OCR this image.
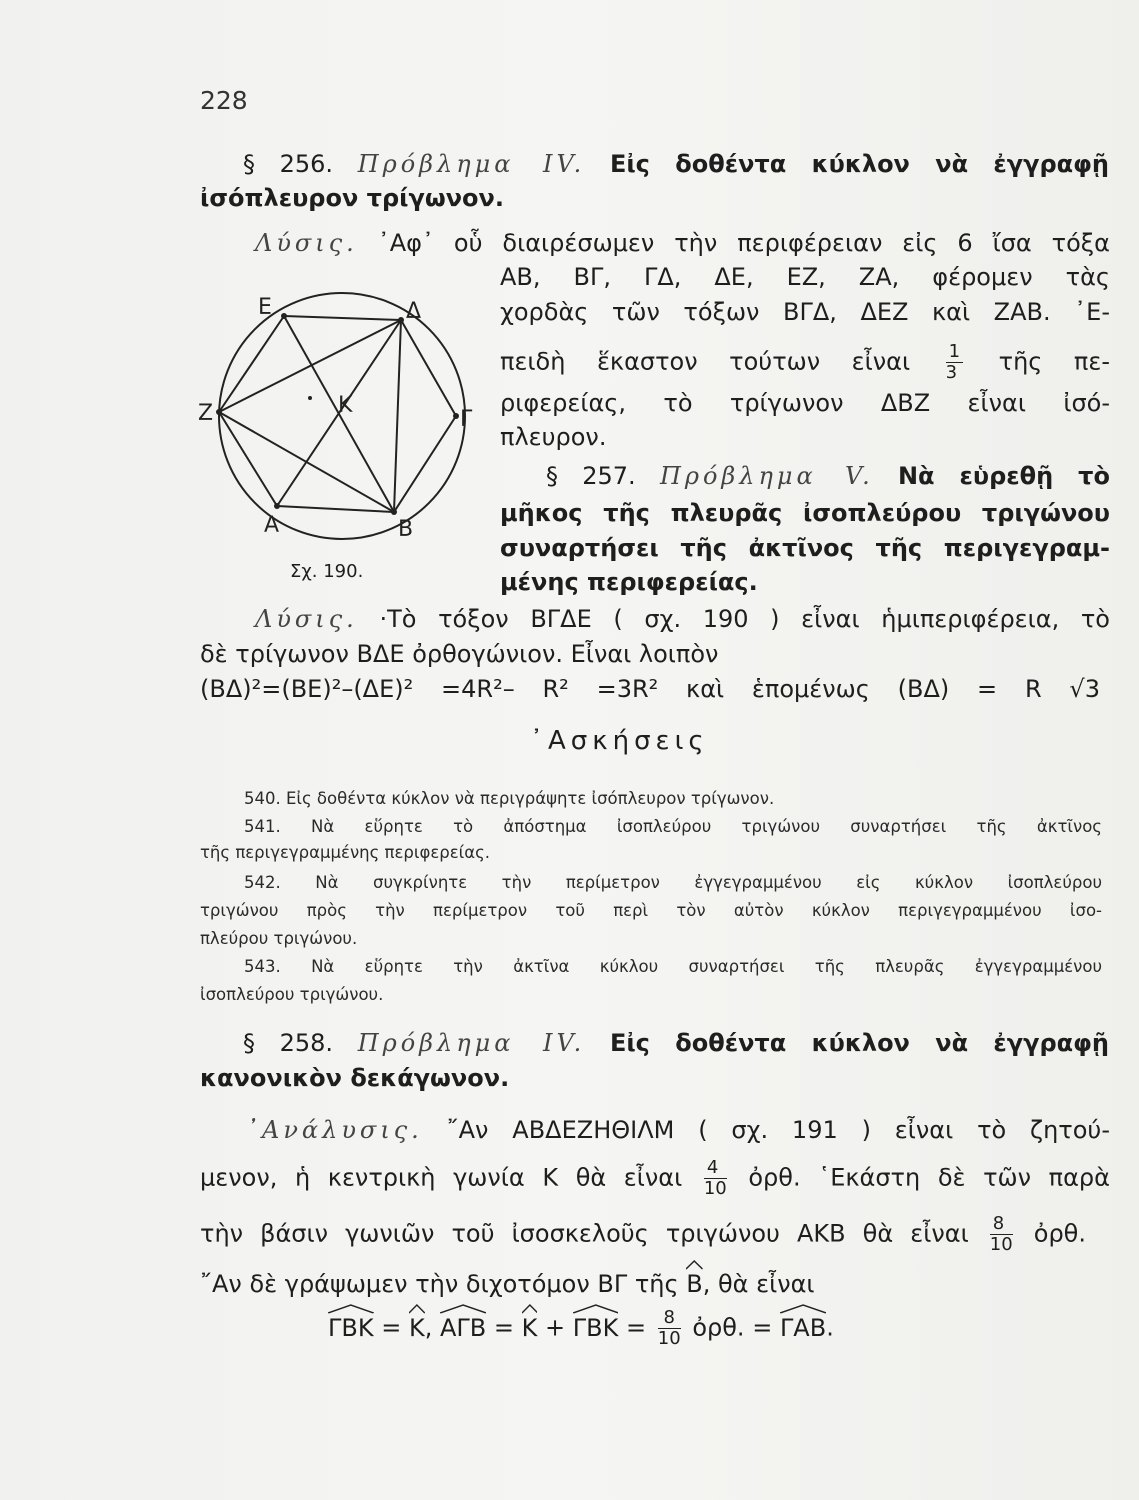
228
§ 256. Πρόβλημα IV. Εἰς δοθέντα κύκλον νὰ ἐγγραφῇ
ἰσόπλευρον τρίγωνον.
Λύσις. ᾿Αφ᾿ οὗ διαιρέσωμεν τὴν περιφέρειαν εἰς 6 ἴσα τόξα
ΑΒ, ΒΓ, ΓΔ, ΔΕ, ΕΖ, ΖΑ, φέρομεν τὰς
χορδὰς τῶν τόξων ΒΓΔ, ΔΕΖ καὶ ΖΑΒ. ᾿Ε-
πειδὴ ἕκαστον τούτων εἶναι $\frac{1}{3}$ τῆς πε-
ριφερείας, τὸ τρίγωνον ΔΒΖ εἶναι ἰσό-
πλευρον.
Ε	Δ
Ζ	Κ
Γ
Α	Β
Σχ. 190.
§ 257. Πρόβλημα V. Νὰ εὑρεθῇ τὸ
μῆκος τῆς πλευρᾶς ἰσοπλεύρου τριγώνου
συναρτήσει τῆς ἀκτῖνος τῆς περιγεγραμ-
μένης περιφερείας.
Λύσις. ·Τὸ τόξον ΒΓΔΕ ( σχ. 190 ) εἶναι ἡμιπεριφέρεια, τὸ
δὲ τρίγωνον ΒΔΕ ὀρθογώνιον. Εἶναι λοιπὸν
(ΒΔ)²=(ΒΕ)²–(ΔΕ)² =4R²– R² =3R² καὶ ἑπομένως (ΒΔ) = R √3
᾿Ασκήσεις
540. Εἰς δοθέντα κύκλον νὰ περιγράψητε ἰσόπλευρον τρίγωνον.
541. Νὰ εὕρητε τὸ ἀπόστημα ἰσοπλεύρου τριγώνου συναρτήσει τῆς ἀκτῖνος
τῆς περιγεγραμμένης περιφερείας.
542. Νὰ συγκρίνητε τὴν περίμετρον ἐγγεγραμμένου εἰς κύκλον ἰσοπλεύρου
τριγώνου πρὸς τὴν περίμετρον τοῦ περὶ τὸν αὐτὸν κύκλον περιγεγραμμένου ἰσο-
πλεύρου τριγώνου.
543. Νὰ εὕρητε τὴν ἀκτῖνα κύκλου συναρτήσει τῆς πλευρᾶς ἐγγεγραμμένου
ἰσοπλεύρου τριγώνου.
§ 258. Πρόβλημα IV. Εἰς δοθέντα κύκλον νὰ ἐγγραφῇ
κανονικὸν δεκάγωνον.
᾿Ανάλυσις. ῎Αν ΑΒΔΕΖΗΘΙΛΜ ( σχ. 191 ) εἶναι τὸ ζητού-
μενον, ἡ κεντρικὴ γωνία Κ θὰ εἶναι $\frac{4}{10}$ ὀρθ. ῾Εκάστη δὲ τῶν παρὰ
τὴν βάσιν γωνιῶν τοῦ ἰσοσκελοῦς τριγώνου ΑΚΒ θὰ εἶναι $\frac{8}{10}$ ὀρθ.
῎Αν δὲ γράψωμεν τὴν διχοτόμον ΒΓ τῆς Β, θὰ εἶναι
ΓΒΚ = Κ, $A\Gamma B = K + \Gamma BK = \frac{8}{10}$ ὀρθ. = ΓΑΒ.
